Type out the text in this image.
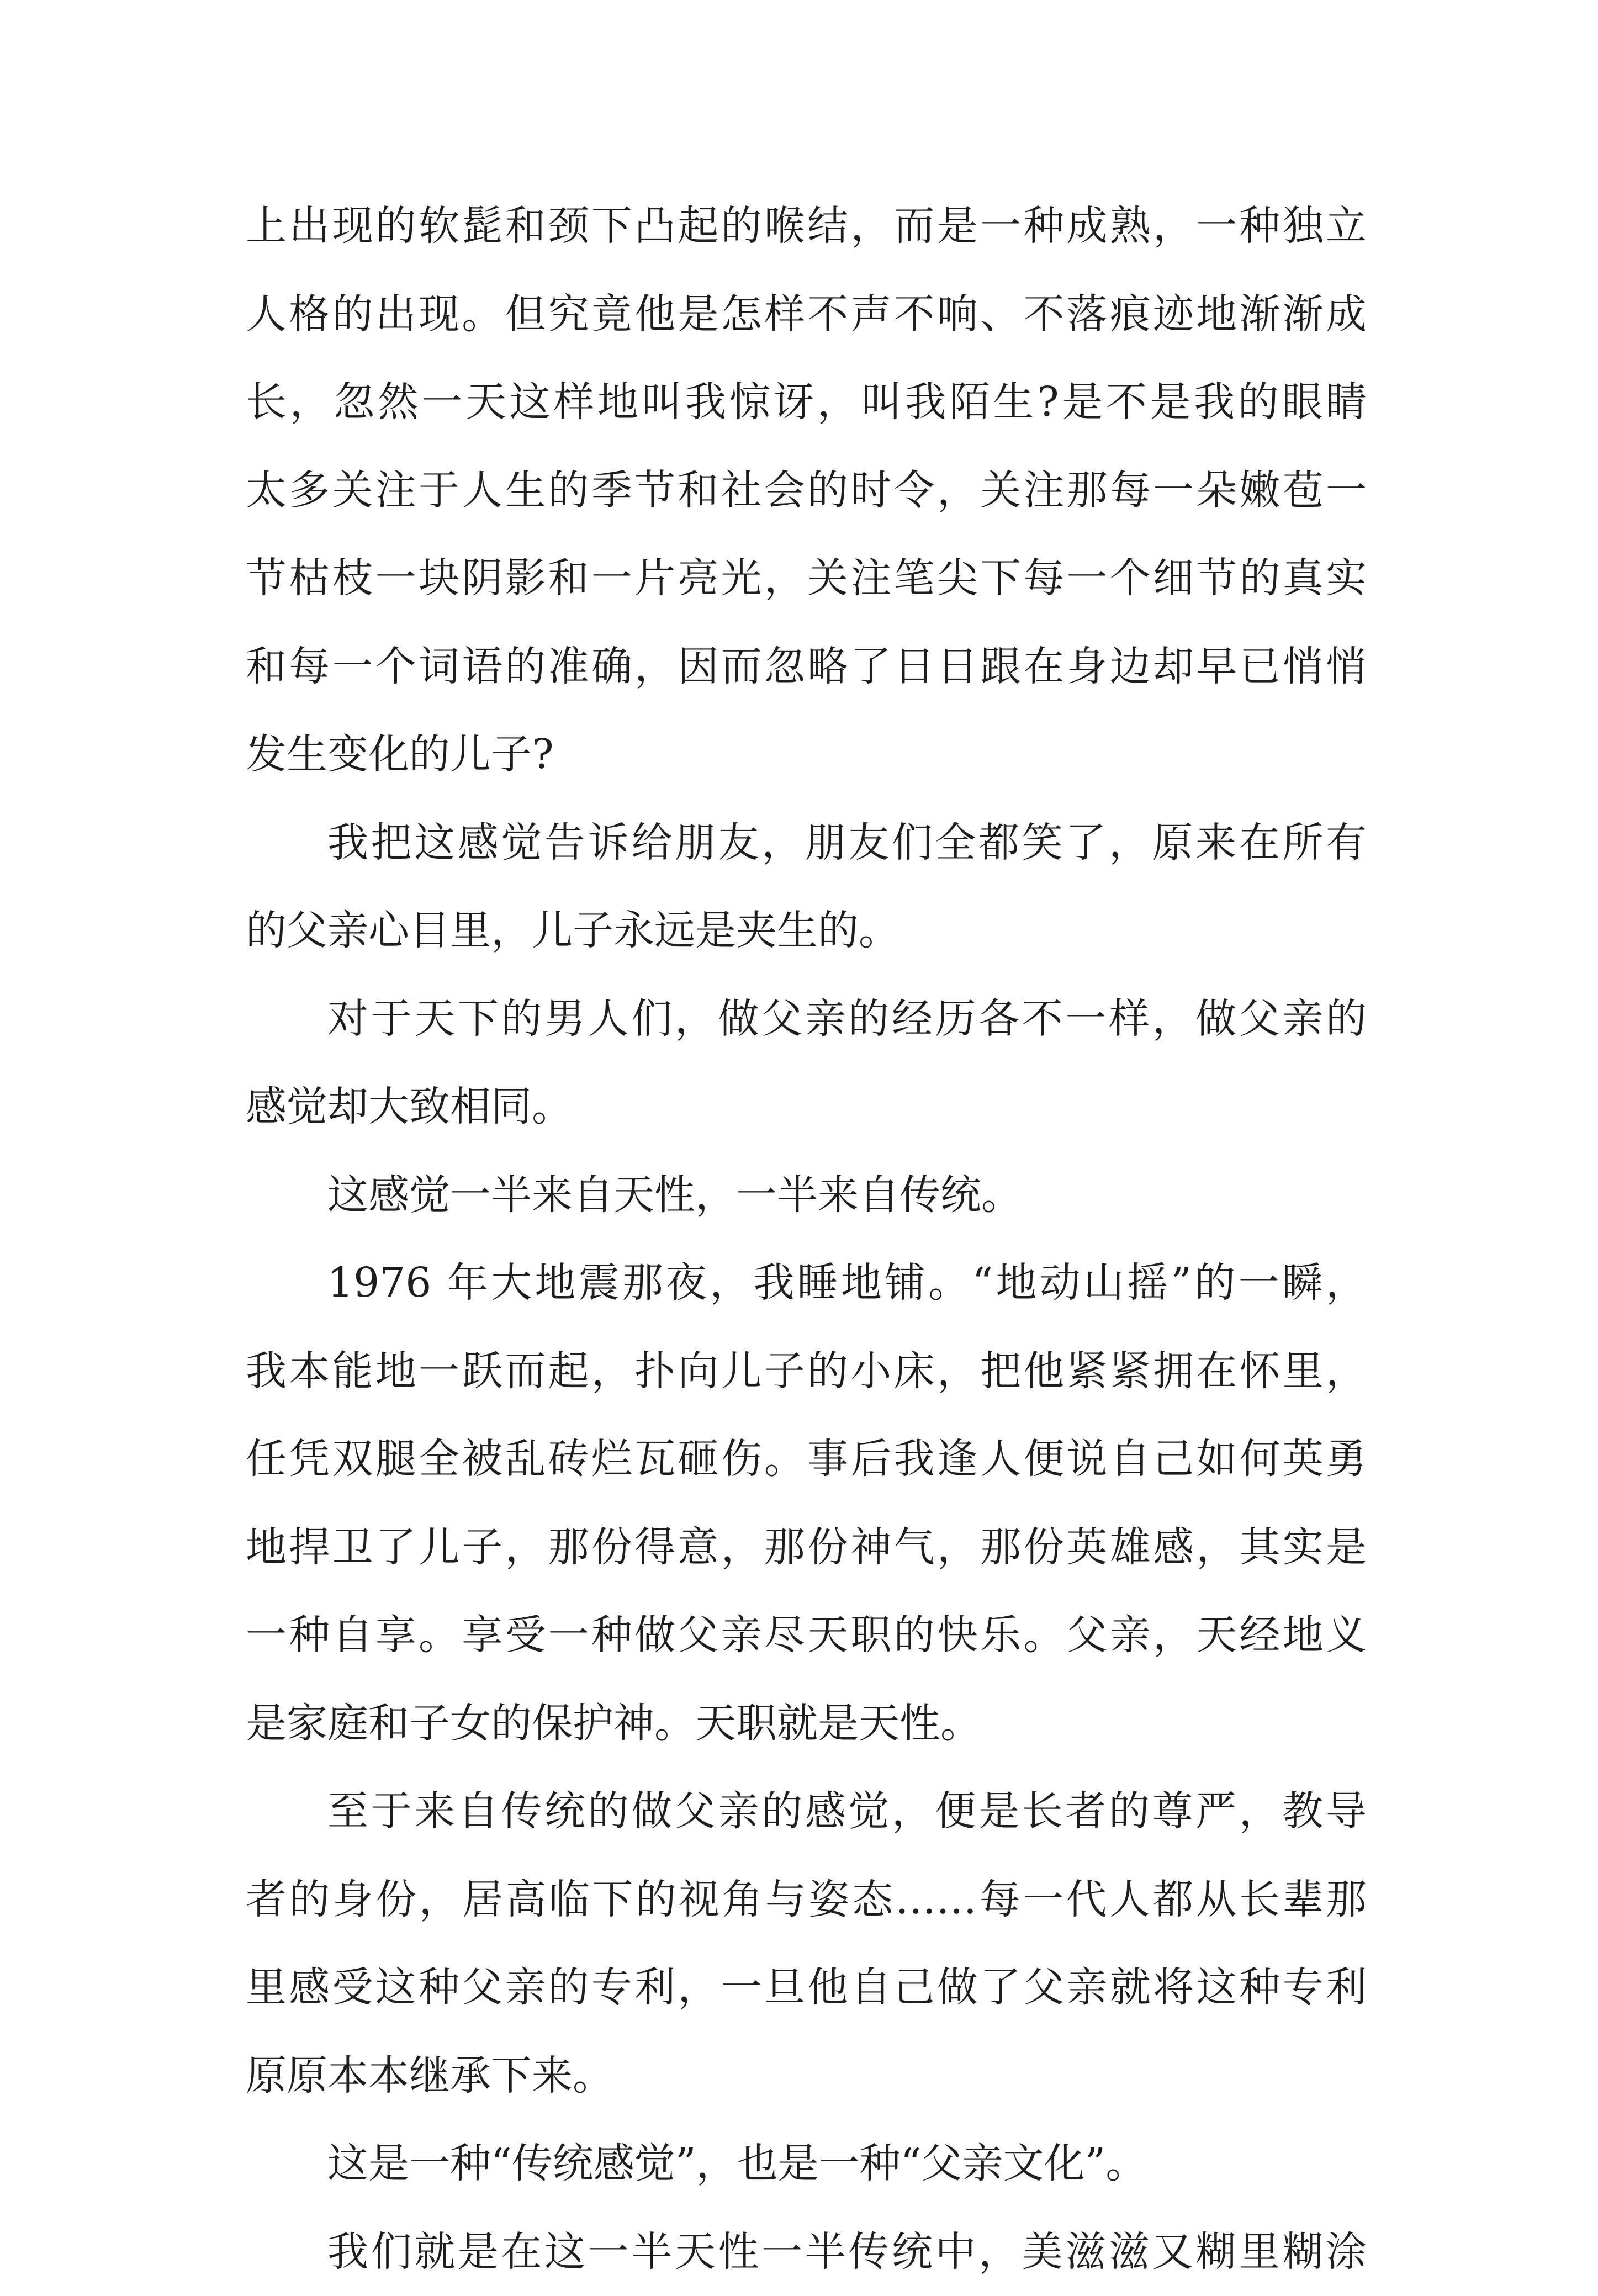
上出现的软髭和颈下凸起的喉结，而是一种成熟，一种独立
人格的出现。但究竟他是怎样不声不响、不落痕迹地渐渐成
长，忽然一天这样地叫我惊讶，叫我陌生?是不是我的眼睛
太多关注于人生的季节和社会的时令，关注那每一朵嫩苞一
节枯枝一块阴影和一片亮光，关注笔尖下每一个细节的真实
和每一个词语的准确，因而忽略了日日跟在身边却早已悄悄
发生变化的儿子?
我把这感觉告诉给朋友，朋友们全都笑了，原来在所有
的父亲心目里，儿子永远是夹生的。
对于天下的男人们，做父亲的经历各不一样，做父亲的
感觉却大致相同。
这感觉一半来自天性，一半来自传统。
1976 年大地震那夜，我睡地铺。“地动山摇”的一瞬，
我本能地一跃而起，扑向儿子的小床，把他紧紧拥在怀里，
任凭双腿全被乱砖烂瓦砸伤。事后我逢人便说自己如何英勇
地捍卫了儿子，那份得意，那份神气，那份英雄感，其实是
一种自享。享受一种做父亲尽天职的快乐。父亲，天经地义
是家庭和子女的保护神。天职就是天性。
至于来自传统的做父亲的感觉，便是长者的尊严，教导
者的身份，居高临下的视角与姿态……每一代人都从长辈那
里感受这种父亲的专利，一旦他自己做了父亲就将这种专利
原原本本继承下来。
这是一种“传统感觉”，也是一种“父亲文化”。
我们就是在这一半天性一半传统中，美滋滋又糊里糊涂
